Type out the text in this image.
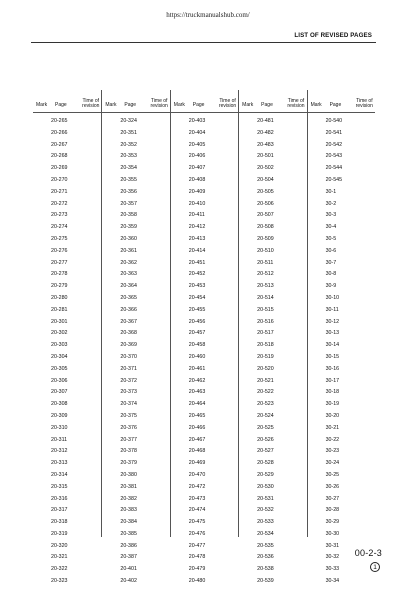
https://truckmanualshub.com/
LIST OF REVISED PAGES
Mark Page
Time of
revision
20-265
20-266
20-267
20-268
20-269
20-270
20-271
20-272
20-273
20-274
20-275
20-276
20-277
20-278
20-279
20-280
20-281
20-301
20-302
20-303
20-304
20-305
20-306
20-307
20-308
20-309
20-310
20-311
20-312
20-313
20-314
20-315
20-316
20-317
20-318
20-319
20-320
20-321
20-322
20-323
Mark Page
Time of
revision
20-324
20-351
20-352
20-353
20-354
20-355
20-356
20-357
20-358
20-359
20-360
20-361
20-362
20-363
20-364
20-365
20-366
20-367
20-368
20-369
20-370
20-371
20-372
20-373
20-374
20-375
20-376
20-377
20-378
20-379
20-380
20-381
20-382
20-383
20-384
20-385
20-386
20-387
20-401
20-402
Mark Page
Time of
revision
20-403
20-404
20-405
20-406
20-407
20-408
20-409
20-410
20-411
20-412
20-413
20-414
20-451
20-452
20-453
20-454
20-455
20-456
20-457
20-458
20-460
20-461
20-462
20-463
20-464
20-465
20-466
20-467
20-468
20-469
20-470
20-472
20-473
20-474
20-475
20-476
20-477
20-478
20-479
20-480
Mark Page
Time of
revision
20-481
20-482
20-483
20-501
20-502
20-504
20-505
20-506
20-507
20-508
20-509
20-510
20-511
20-512
20-513
20-514
20-515
20-516
20-517
20-518
20-519
20-520
20-521
20-522
20-523
20-524
20-525
20-526
20-527
20-528
20-529
20-530
20-531
20-532
20-533
20-534
20-535
20-536
20-538
20-539
Mark Page
Time of
revision
20-540
20-541
20-542
20-543
20-544
20-545
30-1
30-2
30-3
30-4
30-5
30-6
30-7
30-8
30-9
30-10
30-11
30-12
30-13
30-14
30-15
30-16
30-17
30-18
30-19
30-20
30-21
30-22
30-23
30-24
30-25
30-26
30-27
30-28
30-29
30-30
30-31
30-32
30-33
30-34
00-2-3
1
